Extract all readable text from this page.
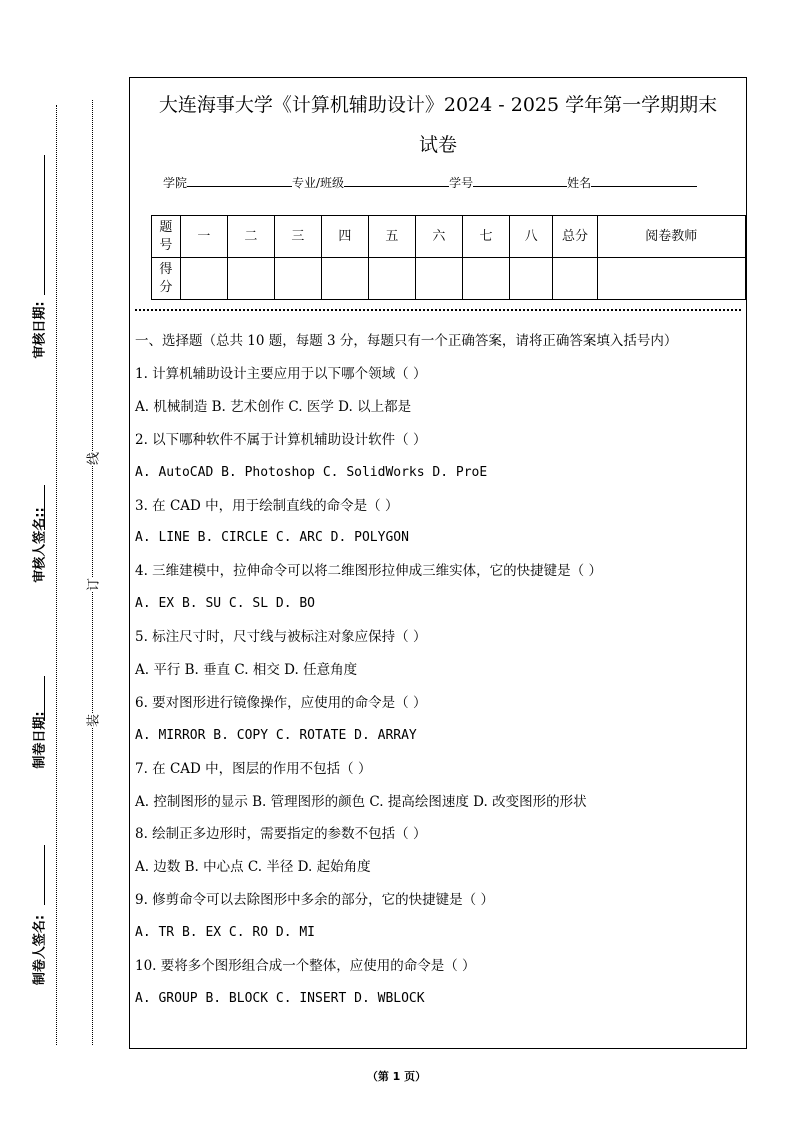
审核日期:
审核人签名::
制卷日期:
制卷人签名:
线
订
装
大连海事大学《计算机辅助设计》2024 - 2025 学年第一学期期末
试卷
学院	专业/班级	学号	姓名
题号	一	二	三	四	五	六	七	八	总分	阅卷教师
得分										

一、选择题（总共 10 题，每题 3 分，每题只有一个正确答案，请将正确答案填入括号内）

1. 计算机辅助设计主要应用于以下哪个领域（ ）
A. 机械制造 B. 艺术创作 C. 医学 D. 以上都是
2. 以下哪种软件不属于计算机辅助设计软件（ ）
A. AutoCAD B. Photoshop C. SolidWorks D. ProE
3. 在 CAD 中，用于绘制直线的命令是（ ）
A. LINE B. CIRCLE C. ARC D. POLYGON
4. 三维建模中，拉伸命令可以将二维图形拉伸成三维实体，它的快捷键是（ ）
A. EX B. SU C. SL D. BO
5. 标注尺寸时，尺寸线与被标注对象应保持（ ）
A. 平行 B. 垂直 C. 相交 D. 任意角度
6. 要对图形进行镜像操作，应使用的命令是（ ）
A. MIRROR B. COPY C. ROTATE D. ARRAY
7. 在 CAD 中，图层的作用不包括（ ）
A. 控制图形的显示 B. 管理图形的颜色 C. 提高绘图速度 D. 改变图形的形状
8. 绘制正多边形时，需要指定的参数不包括（ ）
A. 边数 B. 中心点 C. 半径 D. 起始角度
9. 修剪命令可以去除图形中多余的部分，它的快捷键是（ ）
A. TR B. EX C. RO D. MI
10. 要将多个图形组合成一个整体，应使用的命令是（ ）
A. GROUP B. BLOCK C. INSERT D. WBLOCK
（第 1 页）
